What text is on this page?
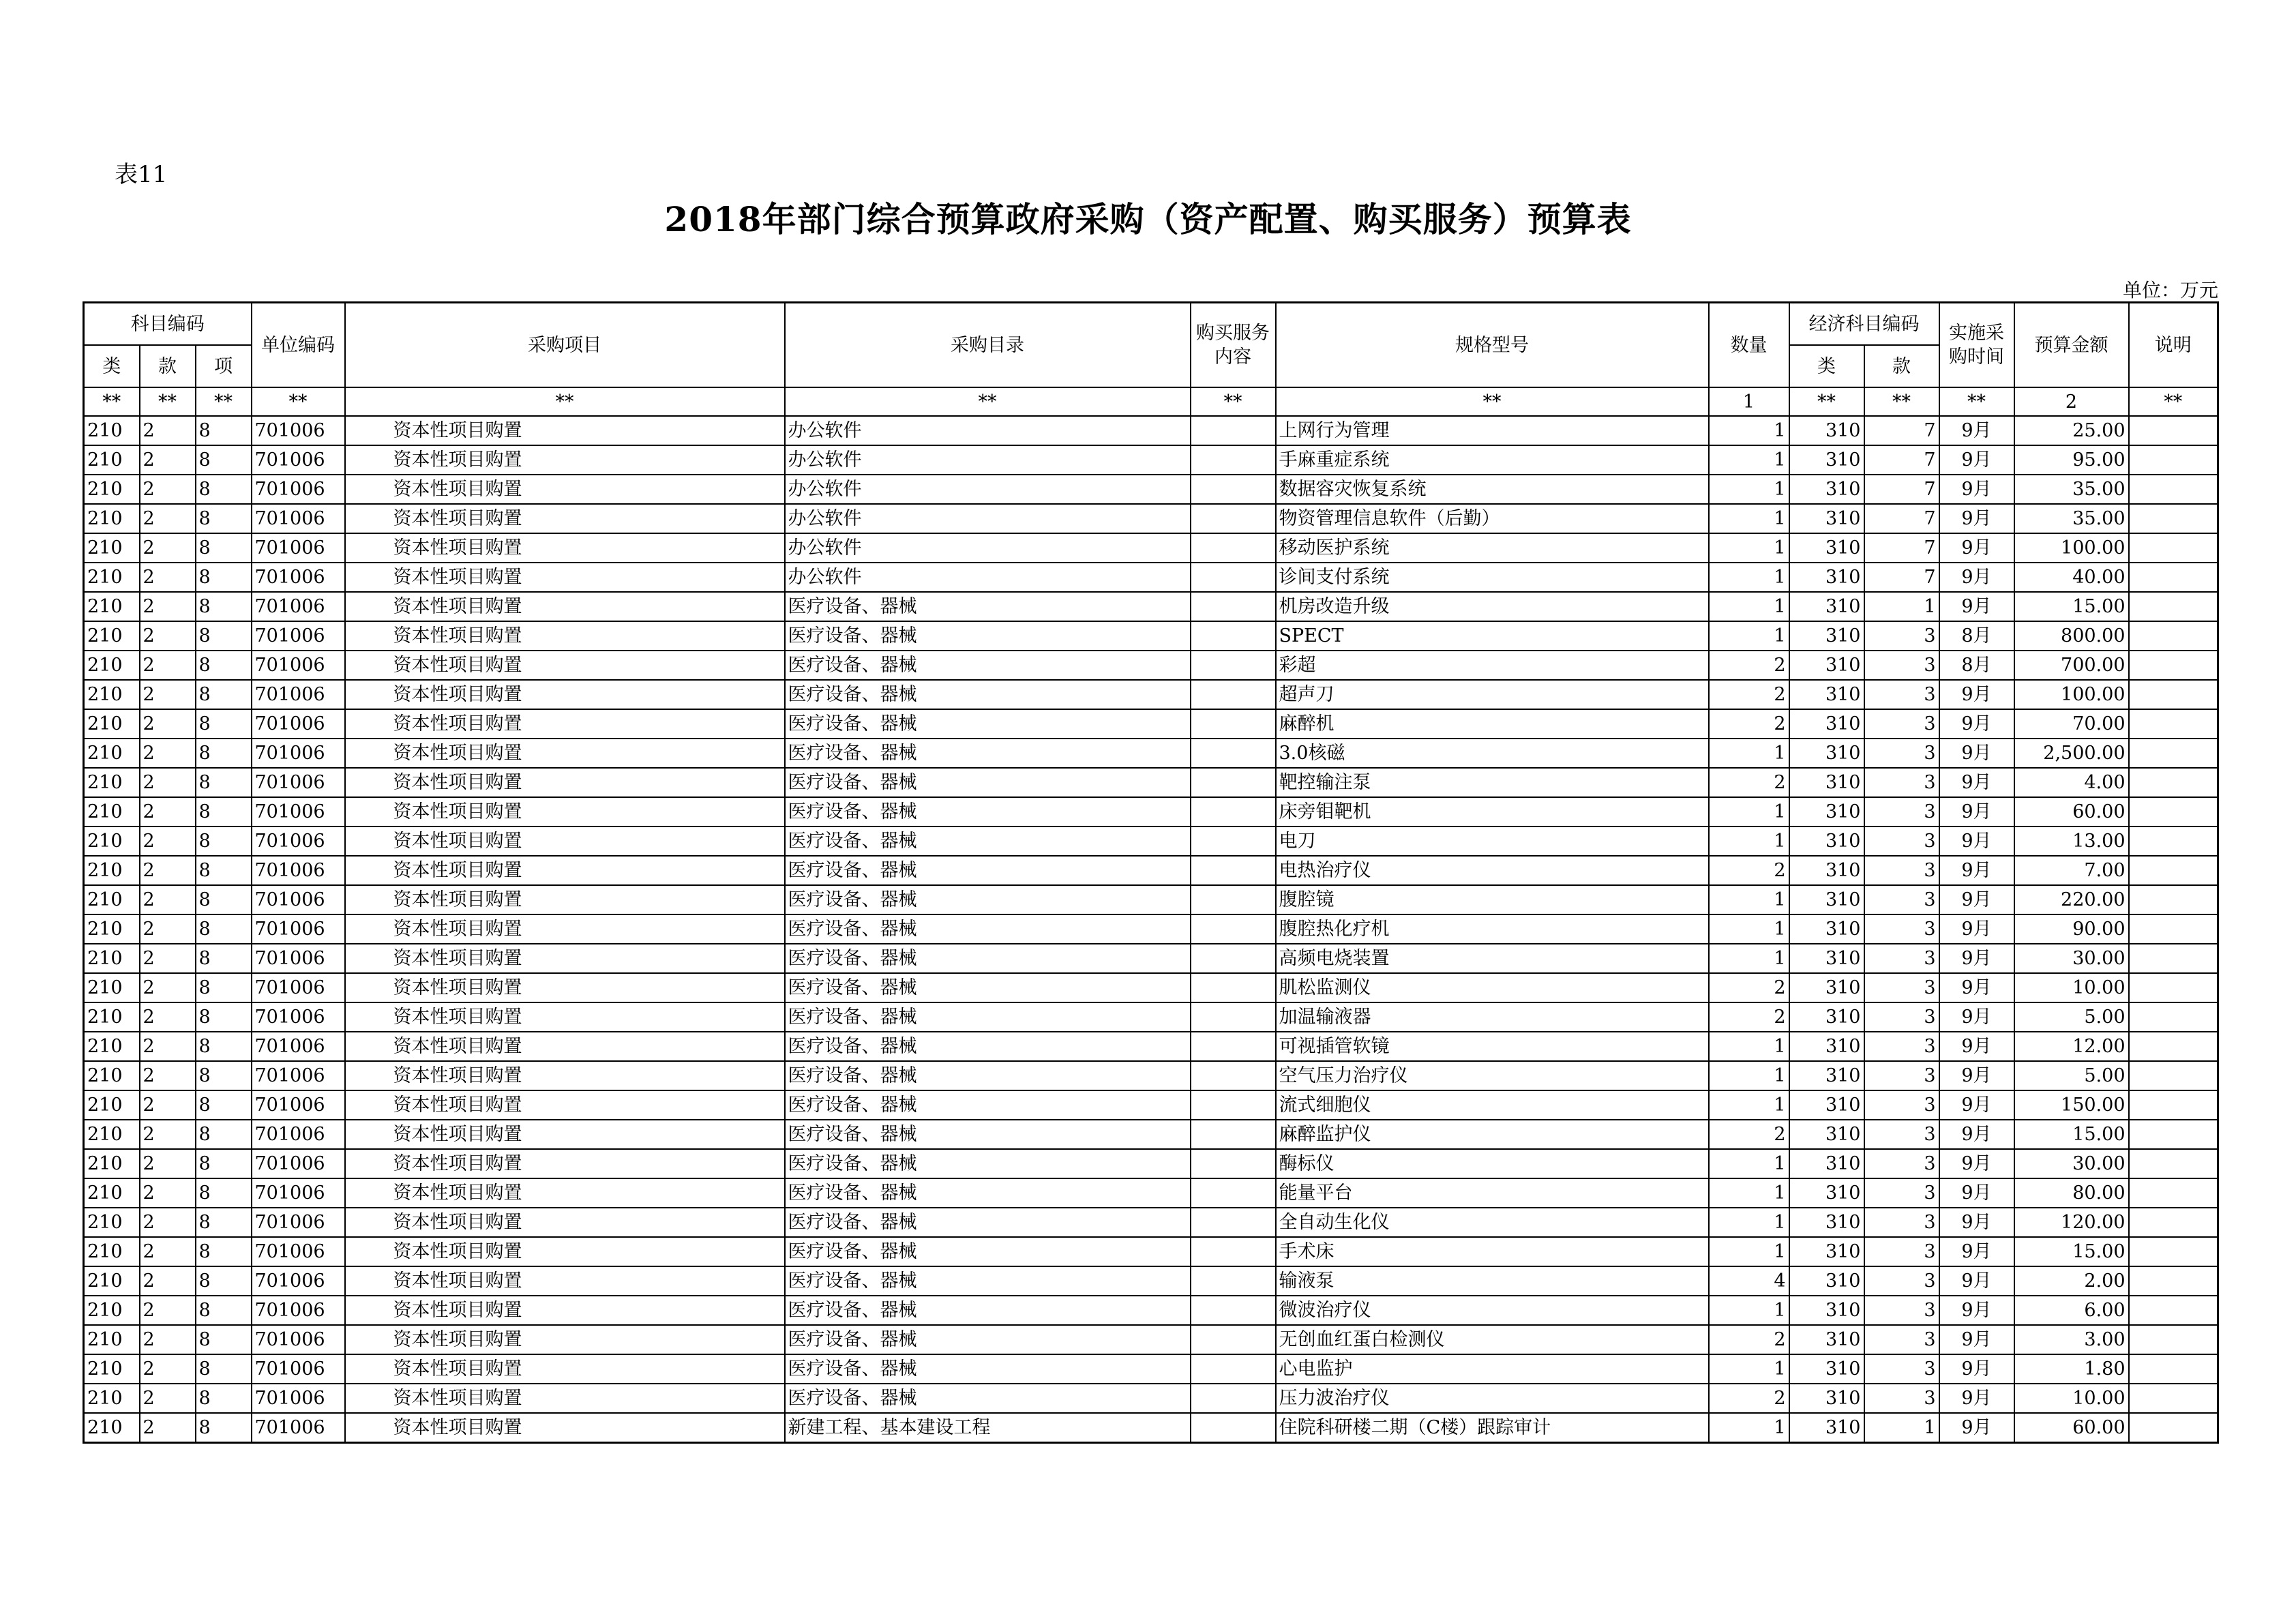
表11
2018年部门综合预算政府采购（资产配置、购买服务）预算表
单位：万元
科目编码			单位编码	采购项目	采购目录	购买服务内容	规格型号	数量	经济科目编码		实施采购时间	预算金额	说明
类	款	项							类	款			
**	**	**	**	**	**	**	**	1	**	**	**	2	**
210	2	8	701006	资本性项目购置	办公软件		上网行为管理	1	310	7	9月	25.00	
210	2	8	701006	资本性项目购置	办公软件		手麻重症系统	1	310	7	9月	95.00	
210	2	8	701006	资本性项目购置	办公软件		数据容灾恢复系统	1	310	7	9月	35.00	
210	2	8	701006	资本性项目购置	办公软件		物资管理信息软件（后勤）	1	310	7	9月	35.00	
210	2	8	701006	资本性项目购置	办公软件		移动医护系统	1	310	7	9月	100.00	
210	2	8	701006	资本性项目购置	办公软件		诊间支付系统	1	310	7	9月	40.00	
210	2	8	701006	资本性项目购置	医疗设备、器械		机房改造升级	1	310	1	9月	15.00	
210	2	8	701006	资本性项目购置	医疗设备、器械		SPECT	1	310	3	8月	800.00	
210	2	8	701006	资本性项目购置	医疗设备、器械		彩超	2	310	3	8月	700.00	
210	2	8	701006	资本性项目购置	医疗设备、器械		超声刀	2	310	3	9月	100.00	
210	2	8	701006	资本性项目购置	医疗设备、器械		麻醉机	2	310	3	9月	70.00	
210	2	8	701006	资本性项目购置	医疗设备、器械		3.0核磁	1	310	3	9月	2,500.00	
210	2	8	701006	资本性项目购置	医疗设备、器械		靶控输注泵	2	310	3	9月	4.00	
210	2	8	701006	资本性项目购置	医疗设备、器械		床旁钼靶机	1	310	3	9月	60.00	
210	2	8	701006	资本性项目购置	医疗设备、器械		电刀	1	310	3	9月	13.00	
210	2	8	701006	资本性项目购置	医疗设备、器械		电热治疗仪	2	310	3	9月	7.00	
210	2	8	701006	资本性项目购置	医疗设备、器械		腹腔镜	1	310	3	9月	220.00	
210	2	8	701006	资本性项目购置	医疗设备、器械		腹腔热化疗机	1	310	3	9月	90.00	
210	2	8	701006	资本性项目购置	医疗设备、器械		高频电烧装置	1	310	3	9月	30.00	
210	2	8	701006	资本性项目购置	医疗设备、器械		肌松监测仪	2	310	3	9月	10.00	
210	2	8	701006	资本性项目购置	医疗设备、器械		加温输液器	2	310	3	9月	5.00	
210	2	8	701006	资本性项目购置	医疗设备、器械		可视插管软镜	1	310	3	9月	12.00	
210	2	8	701006	资本性项目购置	医疗设备、器械		空气压力治疗仪	1	310	3	9月	5.00	
210	2	8	701006	资本性项目购置	医疗设备、器械		流式细胞仪	1	310	3	9月	150.00	
210	2	8	701006	资本性项目购置	医疗设备、器械		麻醉监护仪	2	310	3	9月	15.00	
210	2	8	701006	资本性项目购置	医疗设备、器械		酶标仪	1	310	3	9月	30.00	
210	2	8	701006	资本性项目购置	医疗设备、器械		能量平台	1	310	3	9月	80.00	
210	2	8	701006	资本性项目购置	医疗设备、器械		全自动生化仪	1	310	3	9月	120.00	
210	2	8	701006	资本性项目购置	医疗设备、器械		手术床	1	310	3	9月	15.00	
210	2	8	701006	资本性项目购置	医疗设备、器械		输液泵	4	310	3	9月	2.00	
210	2	8	701006	资本性项目购置	医疗设备、器械		微波治疗仪	1	310	3	9月	6.00	
210	2	8	701006	资本性项目购置	医疗设备、器械		无创血红蛋白检测仪	2	310	3	9月	3.00	
210	2	8	701006	资本性项目购置	医疗设备、器械		心电监护	1	310	3	9月	1.80	
210	2	8	701006	资本性项目购置	医疗设备、器械		压力波治疗仪	2	310	3	9月	10.00	
210	2	8	701006	资本性项目购置	新建工程、基本建设工程		住院科研楼二期（C楼）跟踪审计	1	310	1	9月	60.00	
